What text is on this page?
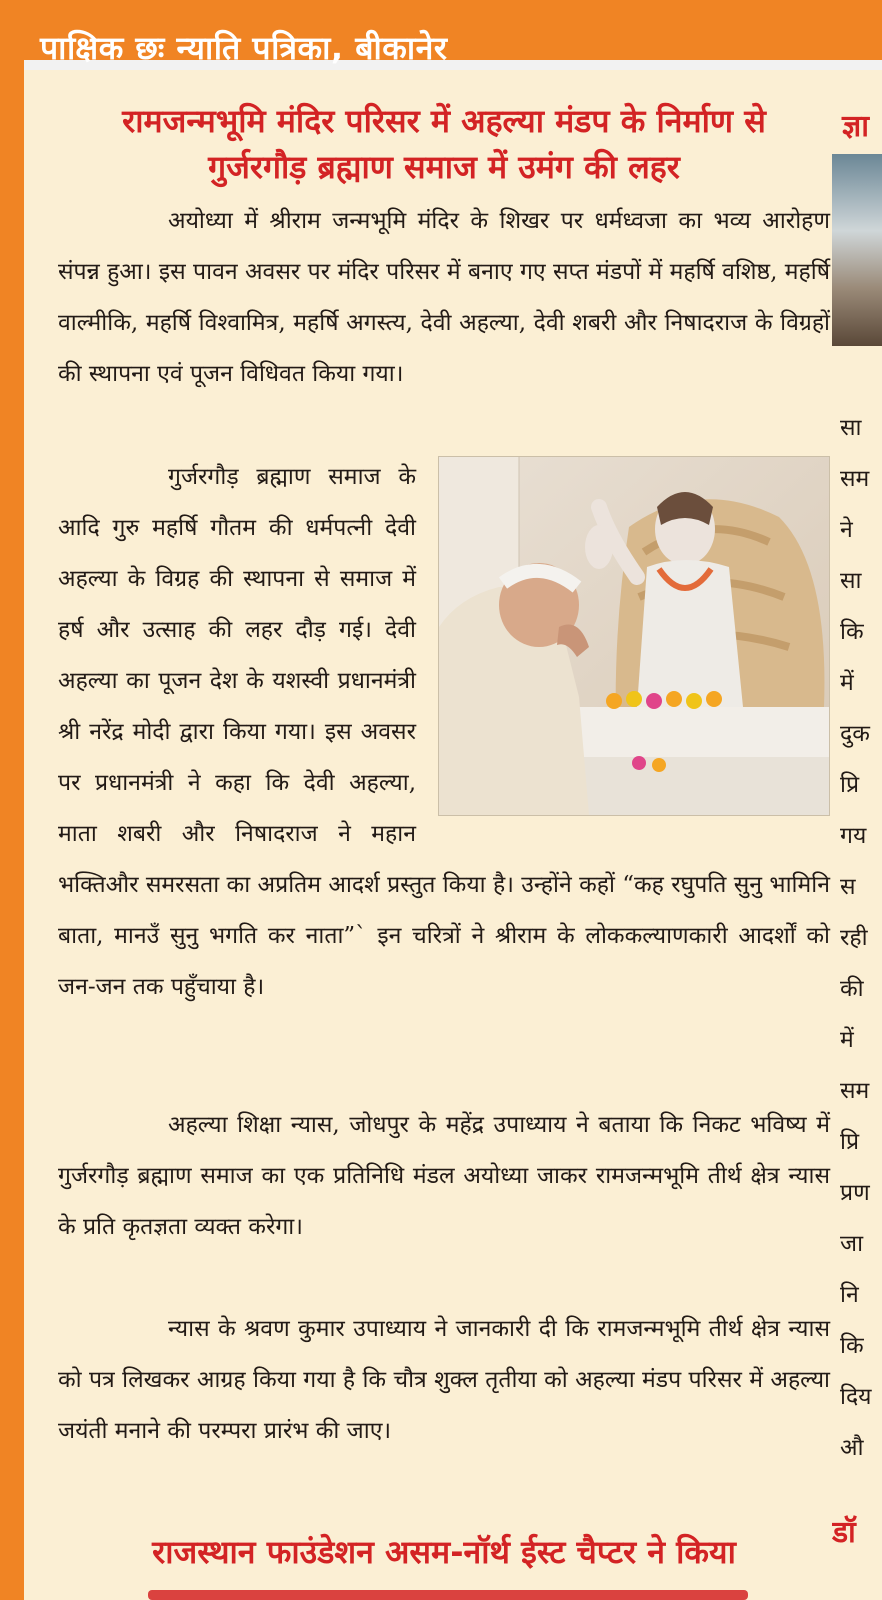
पाक्षिक छः न्याति पत्रिका, बीकानेर
रामजन्मभूमि मंदिर परिसर में अहल्या मंडप के निर्माण से
गुर्जरगौड़ ब्रह्माण समाज में उमंग की लहर
अयोध्या में श्रीराम जन्मभूमि मंदिर के शिखर पर धर्मध्वजा का भव्य आरोहण संपन्न हुआ। इस पावन अवसर पर मंदिर परिसर में बनाए गए सप्त मंडपों में महर्षि वशिष्ठ, महर्षि वाल्मीकि, महर्षि विश्वामित्र, महर्षि अगस्त्य, देवी अहल्या, देवी शबरी और निषादराज के विग्रहों की स्थापना एवं पूजन विधिवत किया गया।
गुर्जरगौड़ ब्रह्माण समाज के आदि गुरु महर्षि गौतम की धर्मपत्नी देवी अहल्या के विग्रह की स्थापना से समाज में हर्ष और उत्साह की लहर दौड़ गई। देवी अहल्या का पूजन देश के यशस्वी प्रधानमंत्री श्री नरेंद्र मोदी द्वारा किया गया। इस अवसर पर प्रधानमंत्री ने कहा कि देवी अहल्या, माता शबरी और निषादराज ने महान भक्तिऔर समरसता का अप्रतिम आदर्श प्रस्तुत किया है। उन्होंने कहों “कह रघुपति सुनु भामिनि बाता, मानउँ सुनु भगति कर नाता”` इन चरित्रों ने श्रीराम के लोककल्याणकारी आदर्शों को जन-जन तक पहुँचाया है।
अहल्या शिक्षा न्यास, जोधपुर के महेंद्र उपाध्याय ने बताया कि निकट भविष्य में गुर्जरगौड़ ब्रह्माण समाज का एक प्रतिनिधि मंडल अयोध्या जाकर रामजन्मभूमि तीर्थ क्षेत्र न्यास के प्रति कृतज्ञता व्यक्त करेगा।
न्यास के श्रवण कुमार उपाध्याय ने जानकारी दी कि रामजन्मभूमि तीर्थ क्षेत्र न्यास को पत्र लिखकर आग्रह किया गया है कि चौत्र शुक्ल तृतीया को अहल्या मंडप परिसर में अहल्या जयंती मनाने की परम्परा प्रारंभ की जाए।
राजस्थान फाउंडेशन असम-नॉर्थ ईस्ट चैप्टर ने किया
ज्ञा
सा
सम
ने
सा
कि
में
दुक
प्रि
गय
स
रही
की
में
सम
प्रि
प्रण
जा
नि
कि
दिय
औ
डॉ
